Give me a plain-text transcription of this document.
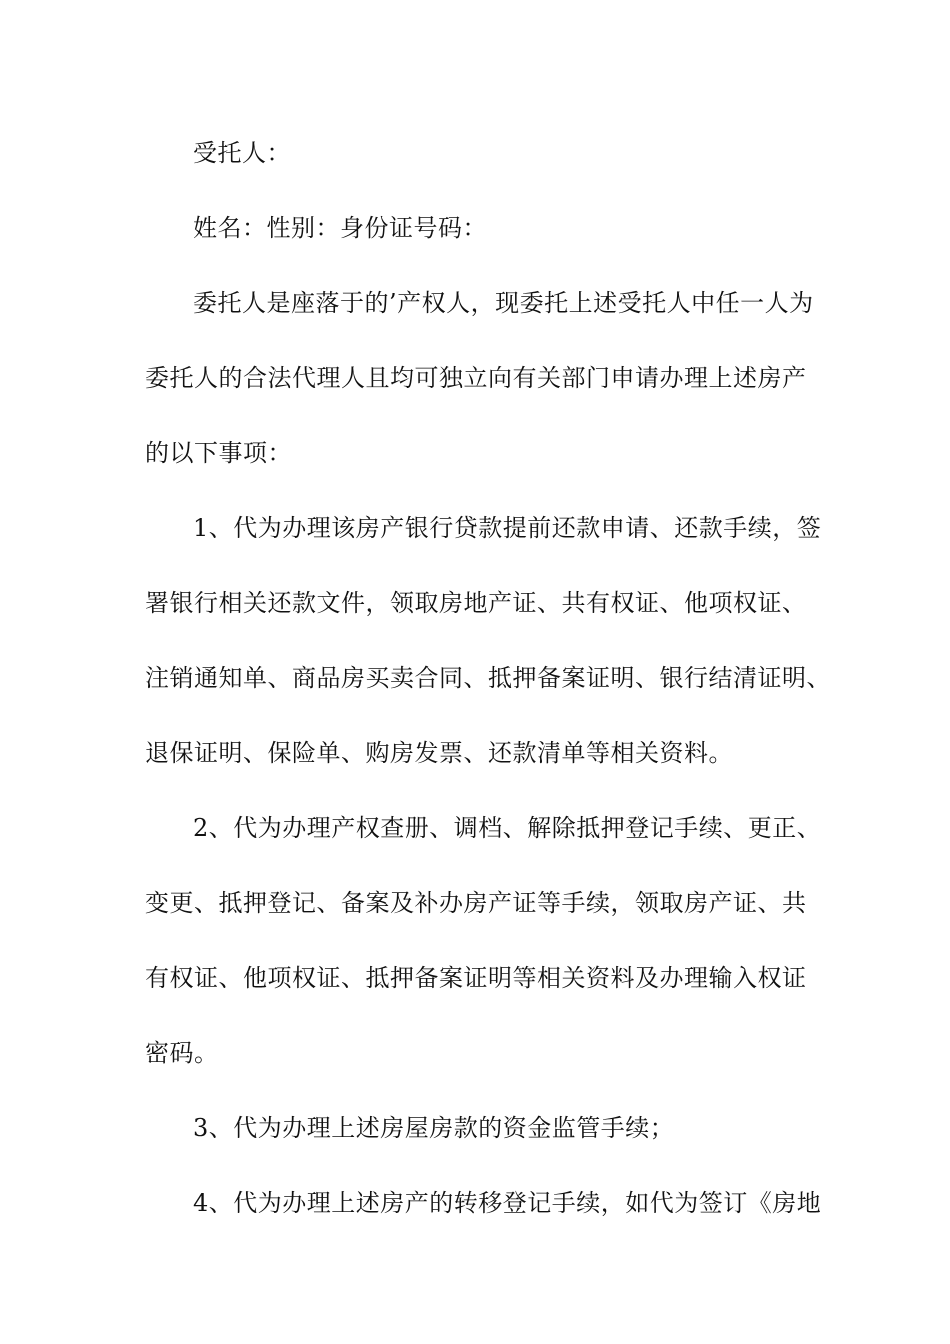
受托人：
姓名：性别：身份证号码：
委托人是座落于的’产权人，现委托上述受托人中任一人为
委托人的合法代理人且均可独立向有关部门申请办理上述房产
的以下事项：
1、代为办理该房产银行贷款提前还款申请、还款手续，签
署银行相关还款文件，领取房地产证、共有权证、他项权证、
注销通知单、商品房买卖合同、抵押备案证明、银行结清证明、
退保证明、保险单、购房发票、还款清单等相关资料。
2、代为办理产权查册、调档、解除抵押登记手续、更正、
变更、抵押登记、备案及补办房产证等手续，领取房产证、共
有权证、他项权证、抵押备案证明等相关资料及办理输入权证
密码。
3、代为办理上述房屋房款的资金监管手续；
4、代为办理上述房产的转移登记手续，如代为签订《房地
